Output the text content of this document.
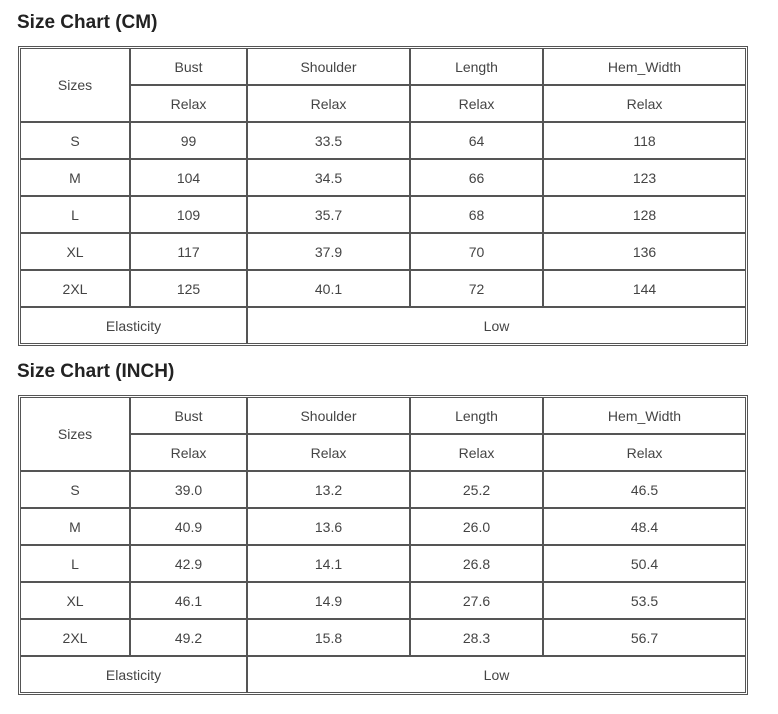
Size Chart (CM)
Sizes	Bust	Shoulder	Length	Hem_Width
	Relax	Relax	Relax	Relax
S	99	33.5	64	118
M	104	34.5	66	123
L	109	35.7	68	128
XL	117	37.9	70	136
2XL	125	40.1	72	144
Elasticity		Low		
Size Chart (INCH)
Sizes	Bust	Shoulder	Length	Hem_Width
	Relax	Relax	Relax	Relax
S	39.0	13.2	25.2	46.5
M	40.9	13.6	26.0	48.4
L	42.9	14.1	26.8	50.4
XL	46.1	14.9	27.6	53.5
2XL	49.2	15.8	28.3	56.7
Elasticity		Low		
